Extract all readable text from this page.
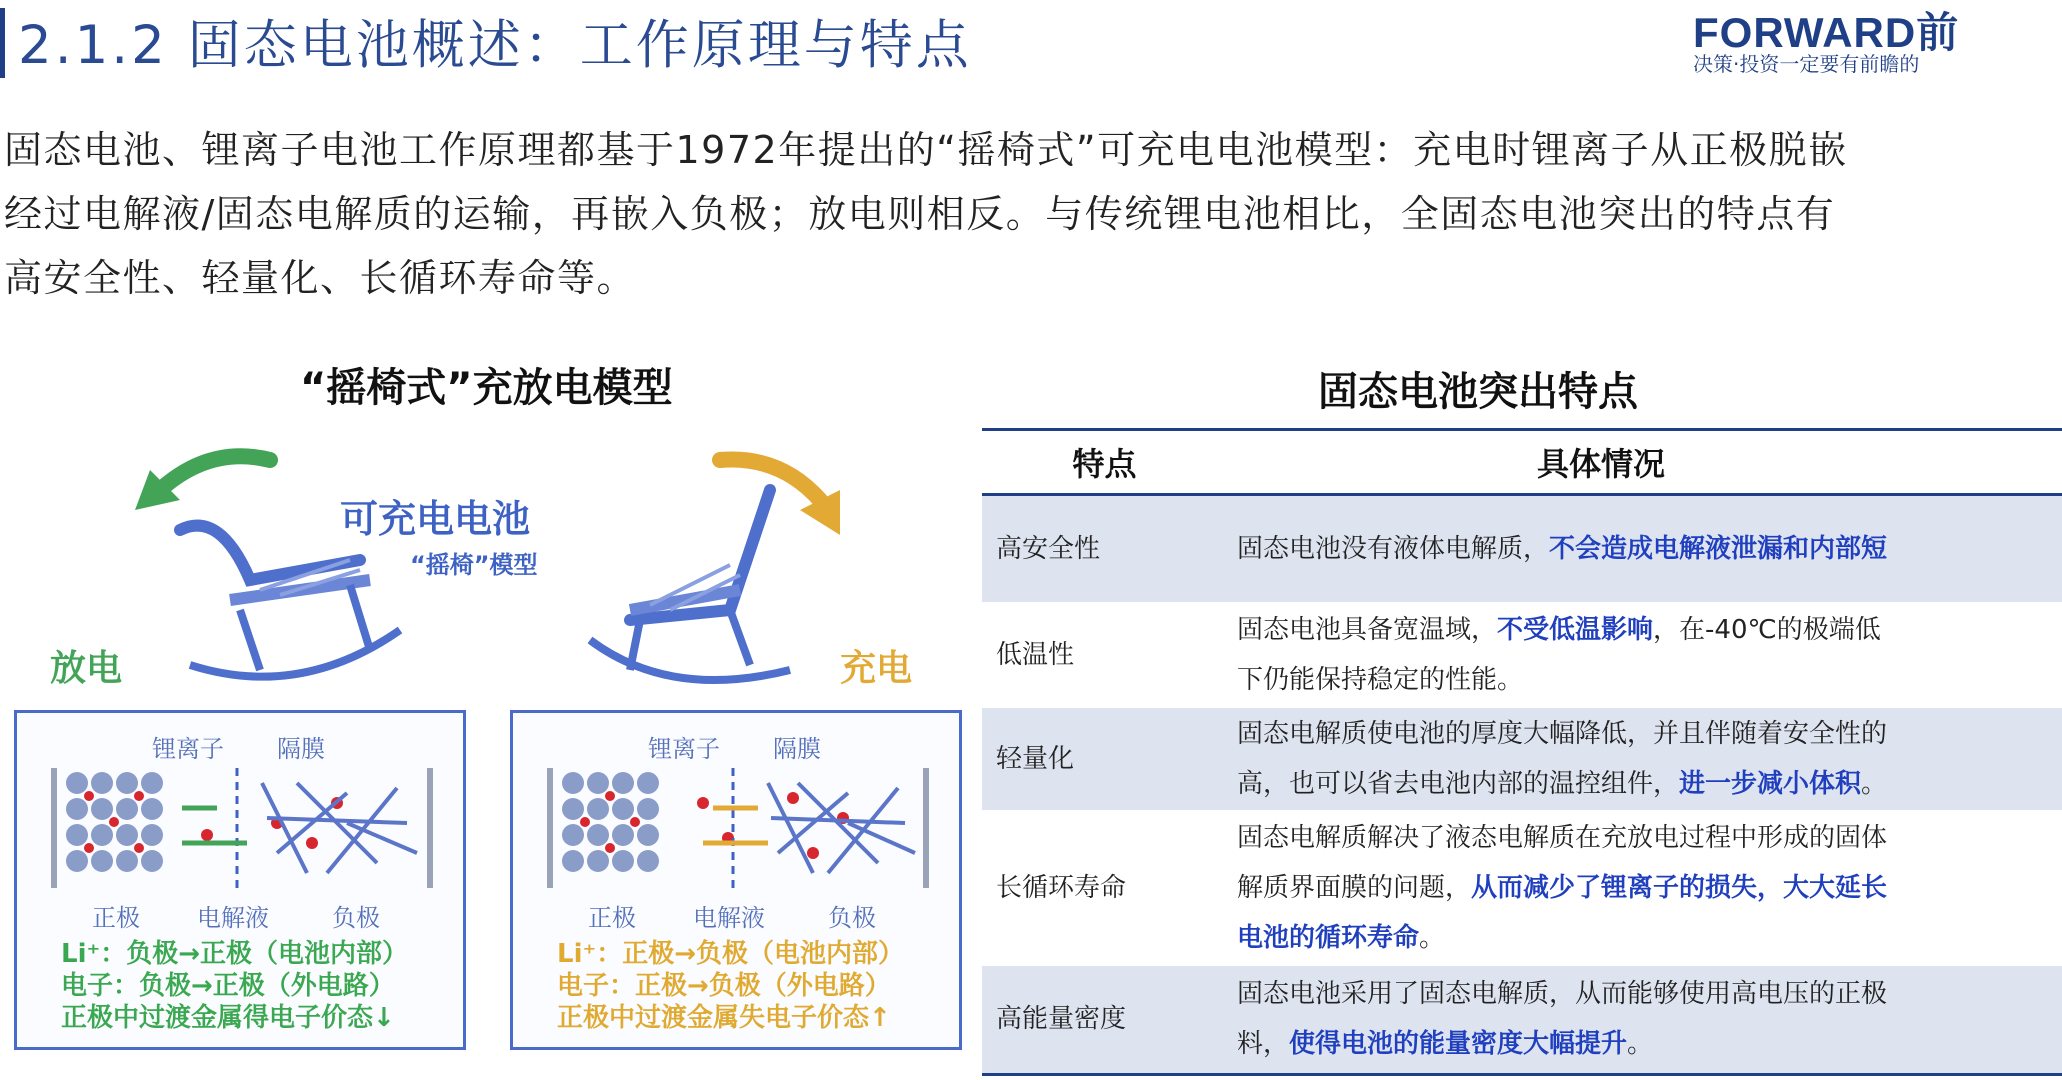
2.1.2 固态电池概述：工作原理与特点	FORWARD前
决策·投资一定要有前瞻的
固态电池、锂离子电池工作原理都基于1972年提出的“摇椅式”可充电电池模型：充电时锂离子从正极脱嵌
经过电解液/固态电解质的运输，再嵌入负极；放电则相反。与传统锂电池相比，全固态电池突出的特点有
高安全性、轻量化、长循环寿命等。
“摇椅式”充放电模型	固态电池突出特点
可充电电池
“摇椅”模型
放电	充电
锂离子 隔膜
正极 电解液	负极
Li⁺：负极→正极（电池内部）
电子：负极→正极（外电路）
正极中过渡金属得电子价态↓
锂离子 隔膜
正极 电解液	负极
Li⁺：正极→负极（电池内部）
电子：正极→负极（外电路）
正极中过渡金属失电子价态↑
特点	具体情况
高安全性	固态电池没有液体电解质，不会造成电解液泄漏和内部短

低温性	固态电池具备宽温域，不受低温影响，在-40℃的极端低
下仍能保持稳定的性能。

轻量化	固态电解质使电池的厚度大幅降低，并且伴随着安全性的
高，也可以省去电池内部的温控组件，进一步减小体积。

长循环寿命	固态电解质解决了液态电解质在充放电过程中形成的固体
解质界面膜的问题，从而减少了锂离子的损失，大大延长
电池的循环寿命。

高能量密度	固态电池采用了固态电解质，从而能够使用高电压的正极
料，使得电池的能量密度大幅提升。
